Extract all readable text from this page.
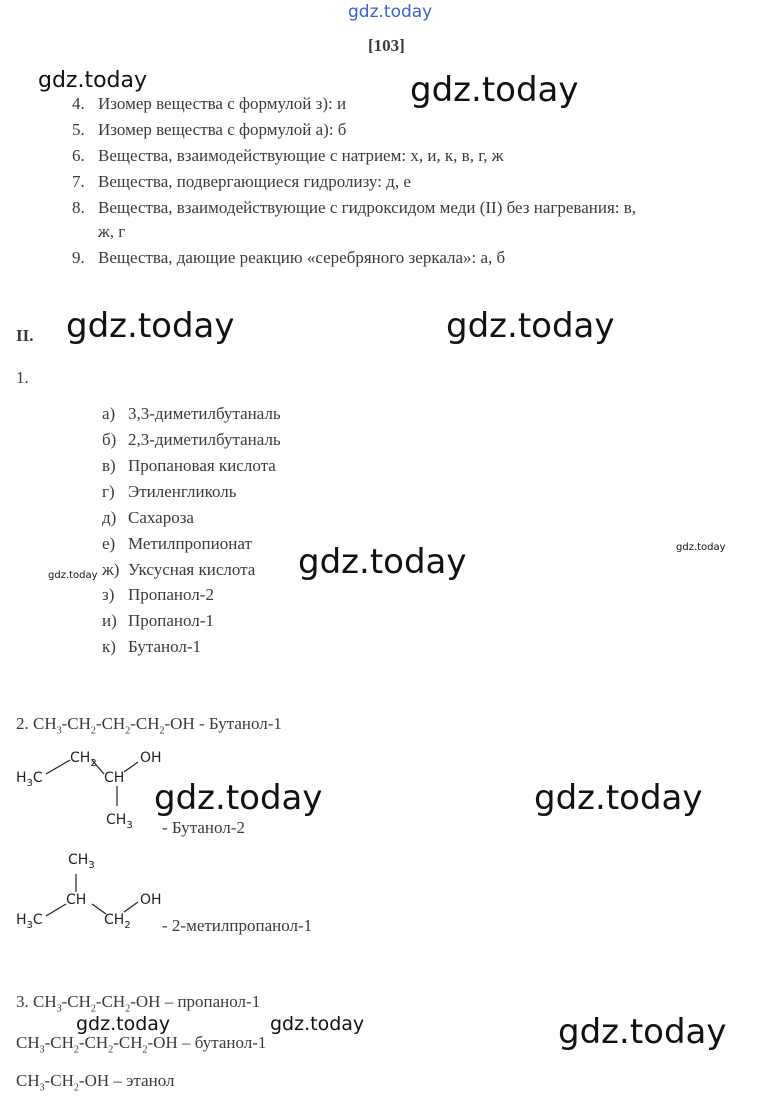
gdz.today
gdz.today	gdz.today
gdz.today	gdz.today
gdz.today	gdz.today
gdz.today
gdz.today	gdz.today
gdz.today	gdz.today	gdz.today
[103]
4. Изомер вещества с формулой з): и
5. Изомер вещества с формулой а): б
6. Вещества, взаимодействующие с натрием: х, и, к, в, г, ж
7. Вещества, подвергающиеся гидролизу: д, е
8. Вещества, взаимодействующие с гидроксидом меди (II) без нагревания: в,
ж, г
9. Вещества, дающие реакцию «серебряного зеркала»: а, б
II.
1.
а) 3,3-диметилбутаналь
б) 2,3-диметилбутаналь
в) Пропановая кислота
г) Этиленгликоль
д) Сахароза
е) Метилпропионат
ж) Уксусная кислота
з) Пропанол-2
и) Пропанол-1
к) Бутанол-1
2. $CH_3-CH_2-CH_2-CH_2-OH$ - Бутанол-1
$H_3C$
$CH_2$
CH
OH
$CH_3$ - Бутанол-2
$CH_3$
CH
$H_3C$	$CH_2$
OH
- 2-метилпропанол-1
3. $CH_3-CH_2-CH_2-OH$ – пропанол-1
$CH_3-CH_2-CH_2-CH_2-OH$ – бутанол-1
$CH_3-CH_2-OH$ – этанол
